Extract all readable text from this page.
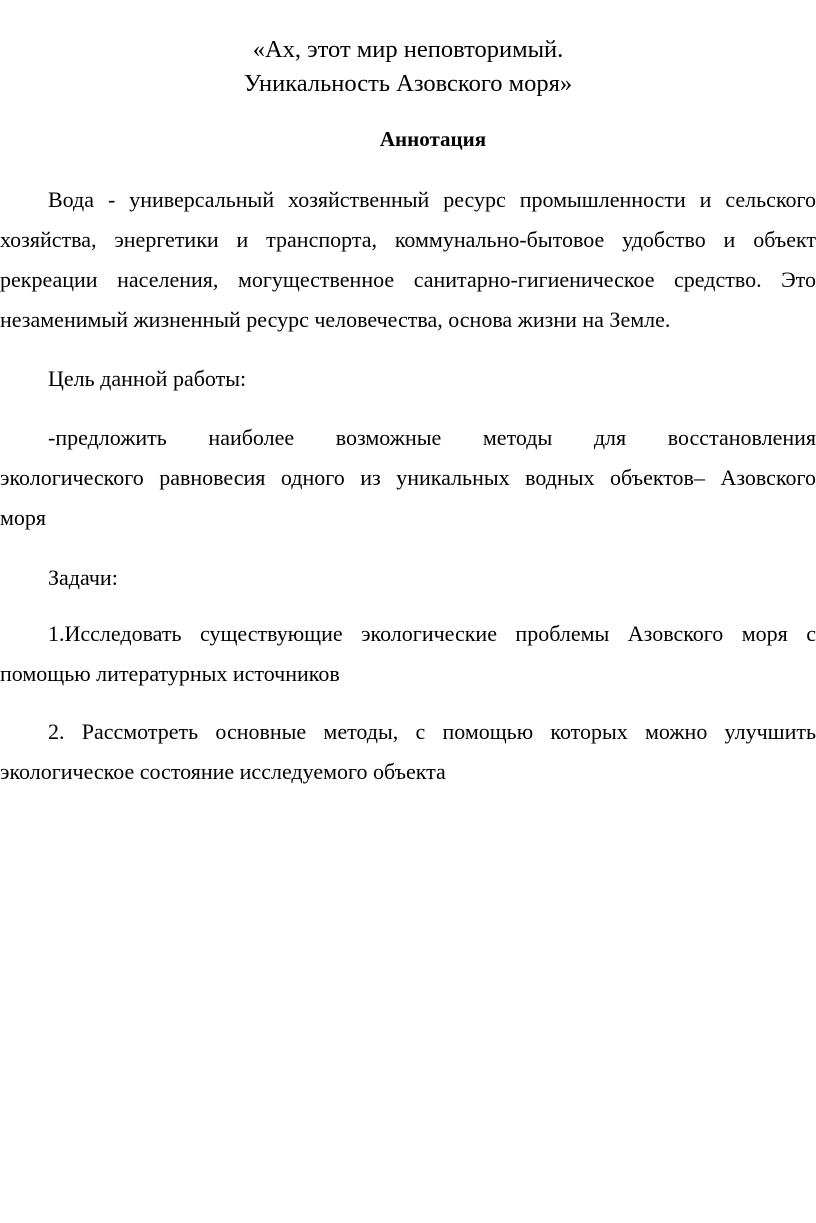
«Ах, этот мир неповторимый.
Уникальность Азовского моря»
Аннотация
Вода - универсальный хозяйственный ресурс промышленности и сельского
хозяйства, энергетики и транспорта, коммунально-бытовое удобство и объект
рекреации населения, могущественное санитарно-гигиеническое средство. Это
незаменимый жизненный ресурс человечества, основа жизни на Земле.
Цель данной работы:
-предложить наиболее возможные методы для восстановления
экологического равновесия одного из уникальных водных объектов– Азовского
моря
Задачи:
1.Исследовать существующие экологические проблемы Азовского моря с
помощью литературных источников
2. Рассмотреть основные методы, с помощью которых можно улучшить
экологическое состояние исследуемого объекта
